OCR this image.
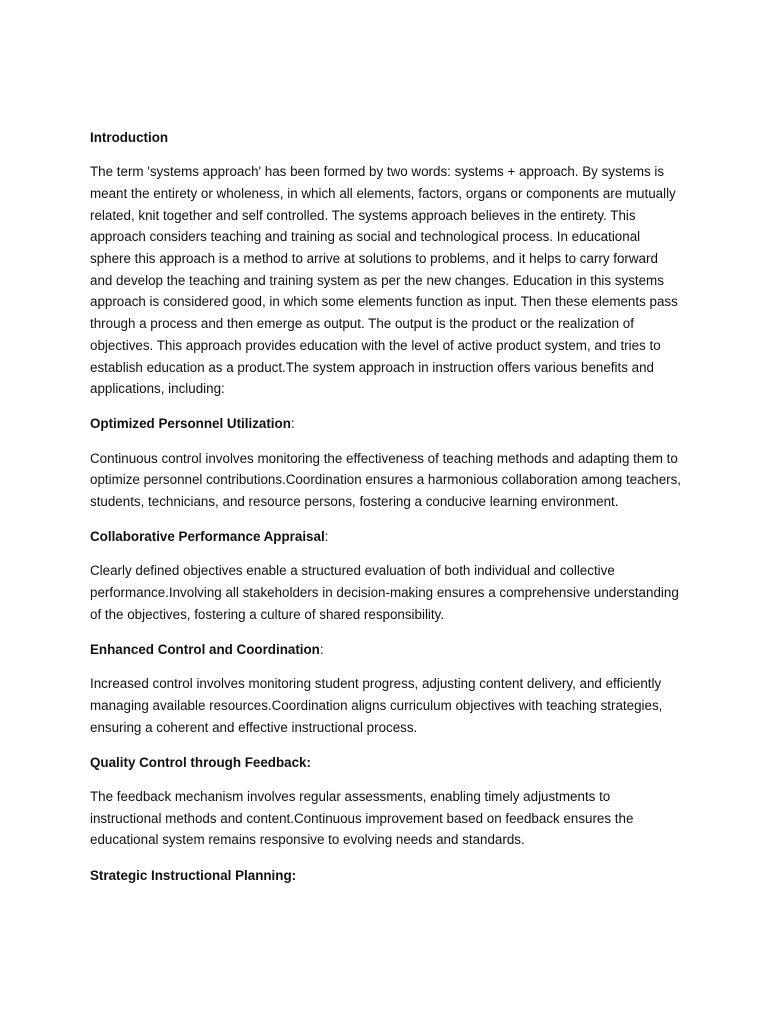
Introduction

The term 'systems approach' has been formed by two words: systems + approach. By systems is meant the entirety or wholeness, in which all elements, factors, organs or components are mutually related, knit together and self controlled. The systems approach believes in the entirety. This approach considers teaching and training as social and technological process. In educational sphere this approach is a method to arrive at solutions to problems, and it helps to carry forward and develop the teaching and training system as per the new changes. Education in this systems approach is considered good, in which some elements function as input. Then these elements pass through a process and then emerge as output. The output is the product or the realization of objectives. This approach provides education with the level of active product system, and tries to establish education as a product.The system approach in instruction offers various benefits and applications, including:

Optimized Personnel Utilization:

Continuous control involves monitoring the effectiveness of teaching methods and adapting them to optimize personnel contributions.Coordination ensures a harmonious collaboration among teachers, students, technicians, and resource persons, fostering a conducive learning environment.

Collaborative Performance Appraisal:

Clearly defined objectives enable a structured evaluation of both individual and collective performance.Involving all stakeholders in decision-making ensures a comprehensive understanding of the objectives, fostering a culture of shared responsibility.

Enhanced Control and Coordination:

Increased control involves monitoring student progress, adjusting content delivery, and efficiently managing available resources.Coordination aligns curriculum objectives with teaching strategies, ensuring a coherent and effective instructional process.

Quality Control through Feedback:

The feedback mechanism involves regular assessments, enabling timely adjustments to instructional methods and content.Continuous improvement based on feedback ensures the educational system remains responsive to evolving needs and standards.

Strategic Instructional Planning:
